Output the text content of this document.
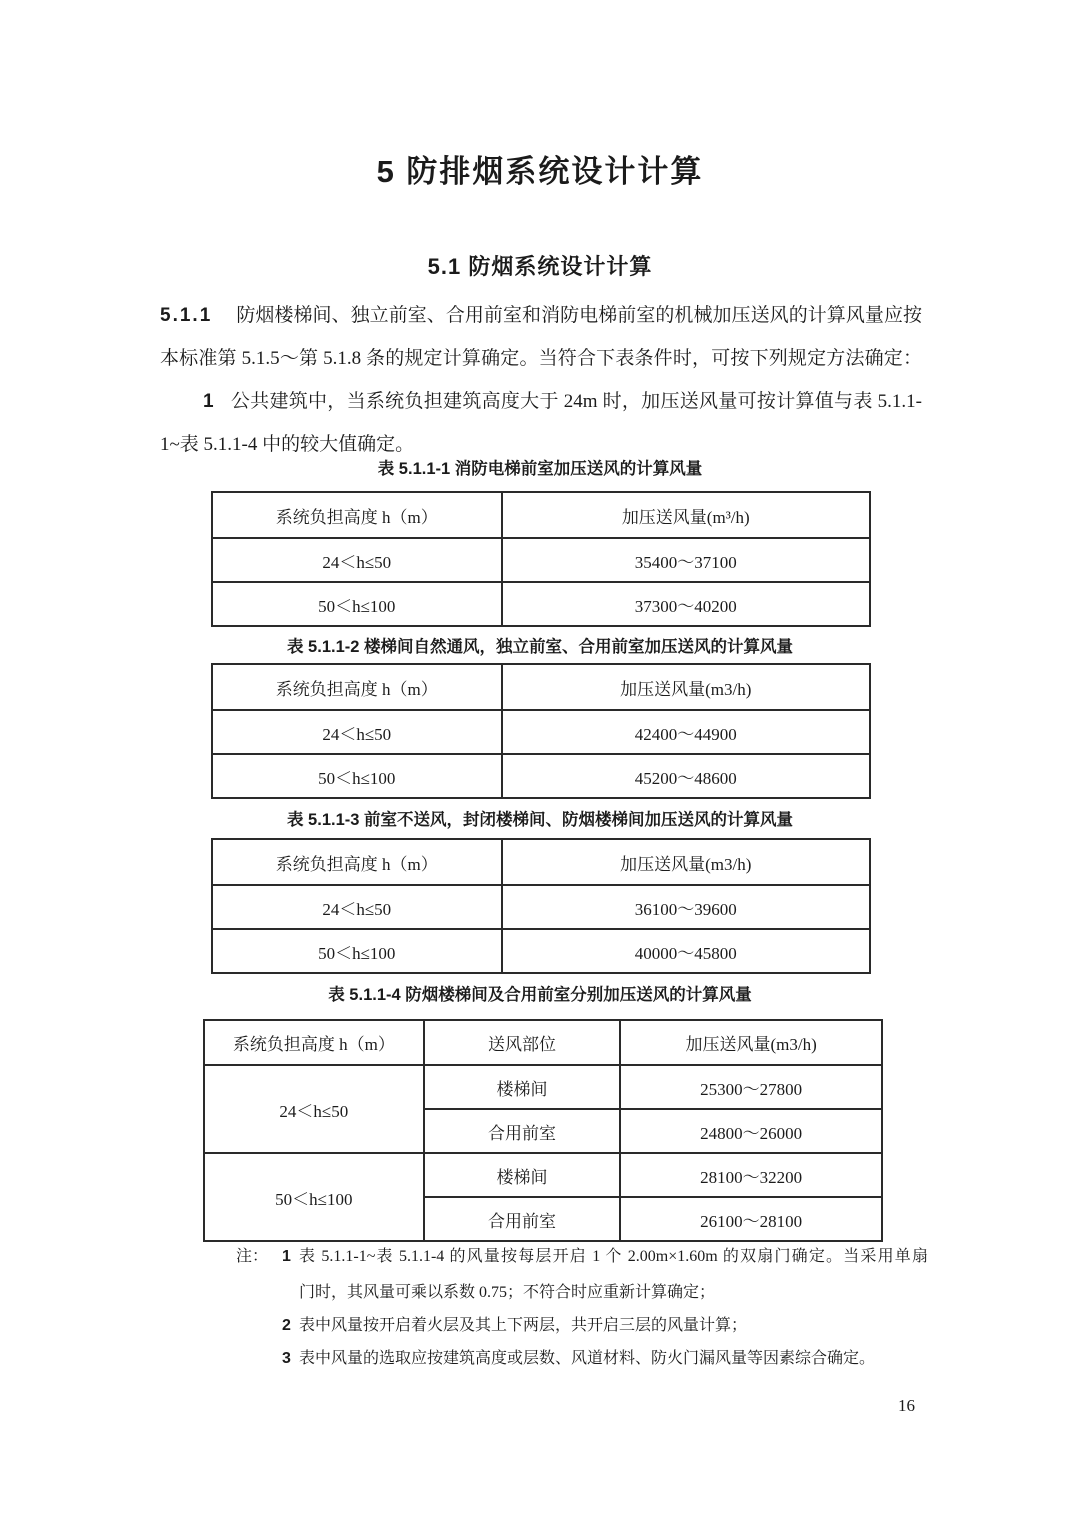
5 防排烟系统设计计算
5.1 防烟系统设计计算
5.1.1 防烟楼梯间、独立前室、合用前室和消防电梯前室的机械加压送风的计算风量应按
本标准第 5.1.5～第 5.1.8 条的规定计算确定。当符合下表条件时，可按下列规定方法确定：
1 公共建筑中，当系统负担建筑高度大于 24m 时，加压送风量可按计算值与表 5.1.1-
1~表 5.1.1-4 中的较大值确定。
表 5.1.1-1 消防电梯前室加压送风的计算风量
系统负担高度 h（m）	加压送风量(m³/h)
24＜h≤50	35400～37100
50＜h≤100	37300～40200
表 5.1.1-2 楼梯间自然通风，独立前室、合用前室加压送风的计算风量
系统负担高度 h（m）	加压送风量(m3/h)
24＜h≤50	42400～44900
50＜h≤100	45200～48600
表 5.1.1-3 前室不送风，封闭楼梯间、防烟楼梯间加压送风的计算风量
系统负担高度 h（m）	加压送风量(m3/h)
24＜h≤50	36100～39600
50＜h≤100	40000～45800
表 5.1.1-4 防烟楼梯间及合用前室分别加压送风的计算风量
系统负担高度 h（m）	送风部位	加压送风量(m3/h)
24＜h≤50	楼梯间	25300～27800
	合用前室	24800～26000
50＜h≤100	楼梯间	28100～32200
	合用前室	26100～28100
注： 1 表 5.1.1-1~表 5.1.1-4 的风量按每层开启 1 个 2.00m×1.60m 的双扇门确定。当采用单扇
门时，其风量可乘以系数 0.75；不符合时应重新计算确定；
2 表中风量按开启着火层及其上下两层，共开启三层的风量计算；
3 表中风量的选取应按建筑高度或层数、风道材料、防火门漏风量等因素综合确定。
16
